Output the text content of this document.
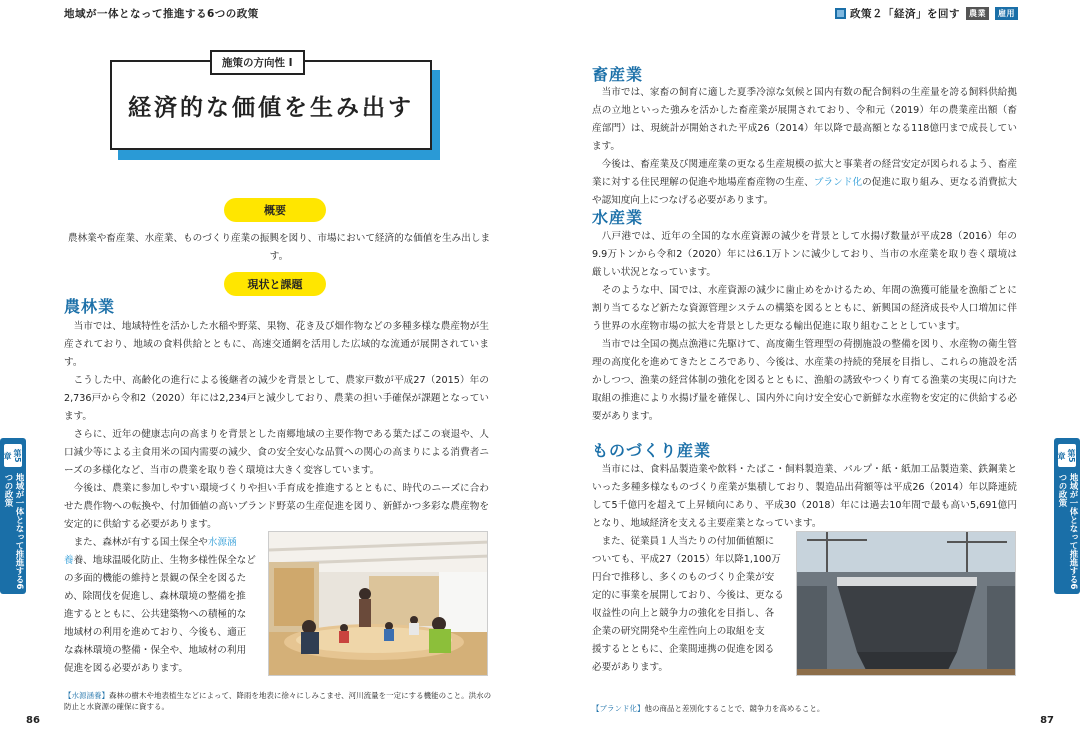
地域が一体となって推進する6つの政策	政策２「経済」を回す	農業	雇用
経済的な価値を生み出す
施策の方向性 Ⅰ
概要
農林業や畜産業、水産業、ものづくり産業の振興を図り、市場において経済的な価値を生み出します。
現状と課題
農林業

当市では、地域特性を活かした水稲や野菜、果物、花き及び畑作物などの多種多様な農産物が生産されており、地域の食料供給とともに、高速交通網を活用した広域的な流通が展開されています。

こうした中、高齢化の進行による後継者の減少を背景として、農家戸数が平成27（2015）年の2,736戸から令和2（2020）年には2,234戸と減少しており、農業の担い手確保が課題となっています。

さらに、近年の健康志向の高まりを背景とした南郷地域の主要作物である葉たばこの衰退や、人口減少等による主食用米の国内需要の減少、食の安全安心な品質への関心の高まりによる消費者ニーズの多様化など、当市の農業を取り巻く環境は大きく変容しています。

今後は、農業に参加しやすい環境づくりや担い手育成を推進するとともに、時代のニーズに合わせた農作物への転換や、付加価値の高いブランド野菜の生産促進を図り、新鮮かつ多彩な農産物を安定的に供給する必要があります。

また、森林が有する国土保全や水源涵
養養、地球温暖化防止、生物多様性保全など
の多面的機能の維持と景観の保全を図るた
め、除間伐を促進し、森林環境の整備を推
進するとともに、公共建築物への積極的な
地域材の利用を進めており、今後も、適正
な森林環境の整備・保全や、地域材の利用
促進を図る必要があります。
【水源涵養】森林の樹木や地表植生などによって、降雨を地表に徐々にしみこませ、河川流量を一定にする機能のこと。洪水の防止と水資源の確保に資する。
86
第5章
地域が一体となって推進する6つの政策
畜産業

当市では、家畜の飼育に適した夏季冷涼な気候と国内有数の配合飼料の生産量を誇る飼料供給拠点の立地といった強みを活かした畜産業が展開されており、令和元（2019）年の農業産出額（畜産部門）は、現統計が開始された平成26（2014）年以降で最高額となる118億円まで成長しています。

今後は、畜産業及び関連産業の更なる生産規模の拡大と事業者の経営安定が図られるよう、畜産業に対する住民理解の促進や地場産畜産物の生産、ブランド化の促進に取り組み、更なる消費拡大や認知度向上につなげる必要があります。

水産業

八戸港では、近年の全国的な水産資源の減少を背景として水揚げ数量が平成28（2016）年の9.9万トンから令和2（2020）年には6.1万トンに減少しており、当市の水産業を取り巻く環境は厳しい状況となっています。

そのような中、国では、水産資源の減少に歯止めをかけるため、年間の漁獲可能量を漁船ごとに割り当てるなど新たな資源管理システムの構築を図るとともに、新興国の経済成長や人口増加に伴う世界の水産物市場の拡大を背景とした更なる輸出促進に取り組むこととしています。

当市では全国の拠点漁港に先駆けて、高度衛生管理型の荷捌施設の整備を図り、水産物の衛生管理の高度化を進めてきたところであり、今後は、水産業の持続的発展を目指し、これらの施設を活かしつつ、漁業の経営体制の強化を図るとともに、漁船の誘致やつくり育てる漁業の実現に向けた取組の推進により水揚げ量を確保し、国内外に向け安全安心で新鮮な水産物を安定的に供給する必要があります。

ものづくり産業

当市には、食料品製造業や飲料・たばこ・飼料製造業、パルプ・紙・紙加工品製造業、鉄鋼業といった多種多様なものづくり産業が集積しており、製造品出荷額等は平成26（2014）年以降連続して5千億円を超えて上昇傾向にあり、平成30（2018）年には過去10年間で最も高い5,691億円となり、地域経済を支える主要産業となっています。

また、従業員１人当たりの付加価値額に
ついても、平成27（2015）年以降1,100万
円台で推移し、多くのものづくり企業が安
定的に事業を展開しており、今後は、更なる
収益性の向上と競争力の強化を目指し、各
企業の研究開発や生産性向上の取組を支
援するとともに、企業間連携の促進を図る
必要があります。
【ブランド化】他の商品と差別化することで、競争力を高めること。
87
第5章
地域が一体となって推進する6つの政策
